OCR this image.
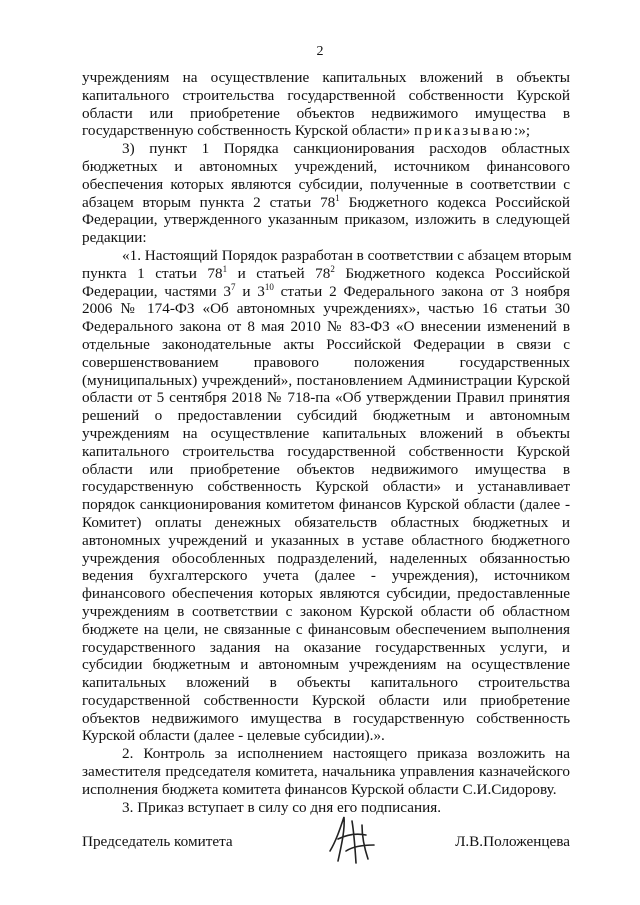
2
учреждениям на осуществление капитальных вложений в объекты
капитального строительства государственной собственности Курской
области или приобретение объектов недвижимого имущества в
государственную собственность Курской области» приказываю:»;
3) пункт 1 Порядка санкционирования расходов областных
бюджетных и автономных учреждений, источником финансового
обеспечения которых являются субсидии, полученные в соответствии с
абзацем вторым пункта 2 статьи $78^1$ Бюджетного кодекса Российской
Федерации, утвержденного указанным приказом, изложить в следующей
редакции:
«1. Настоящий Порядок разработан в соответствии с абзацем вторым
пункта 1 статьи $78^1$ и статьей $78^2$ Бюджетного кодекса Российской
Федерации, частями $3^7$ и $3^{10}$ статьи 2 Федерального закона от 3 ноября
2006 № 174-ФЗ «Об автономных учреждениях», частью 16 статьи 30
Федерального закона от 8 мая 2010 № 83-ФЗ «О внесении изменений в
отдельные законодательные акты Российской Федерации в связи с
совершенствованием правового положения государственных
(муниципальных) учреждений», постановлением Администрации Курской
области от 5 сентября 2018 № 718-па «Об утверждении Правил принятия
решений о предоставлении субсидий бюджетным и автономным
учреждениям на осуществление капитальных вложений в объекты
капитального строительства государственной собственности Курской
области или приобретение объектов недвижимого имущества в
государственную собственность Курской области» и устанавливает
порядок санкционирования комитетом финансов Курской области (далее -
Комитет) оплаты денежных обязательств областных бюджетных и
автономных учреждений и указанных в уставе областного бюджетного
учреждения обособленных подразделений, наделенных обязанностью
ведения бухгалтерского учета (далее - учреждения), источником
финансового обеспечения которых являются субсидии, предоставленные
учреждениям в соответствии с законом Курской области об областном
бюджете на цели, не связанные с финансовым обеспечением выполнения
государственного задания на оказание государственных услуги, и
субсидии бюджетным и автономным учреждениям на осуществление
капитальных вложений в объекты капитального строительства
государственной собственности Курской области или приобретение
объектов недвижимого имущества в государственную собственность
Курской области (далее - целевые субсидии).».
2. Контроль за исполнением настоящего приказа возложить на
заместителя председателя комитета, начальника управления казначейского
исполнения бюджета комитета финансов Курской области С.И.Сидорову.
3. Приказ вступает в силу со дня его подписания.
Председатель комитета	Л.В.Положенцева
